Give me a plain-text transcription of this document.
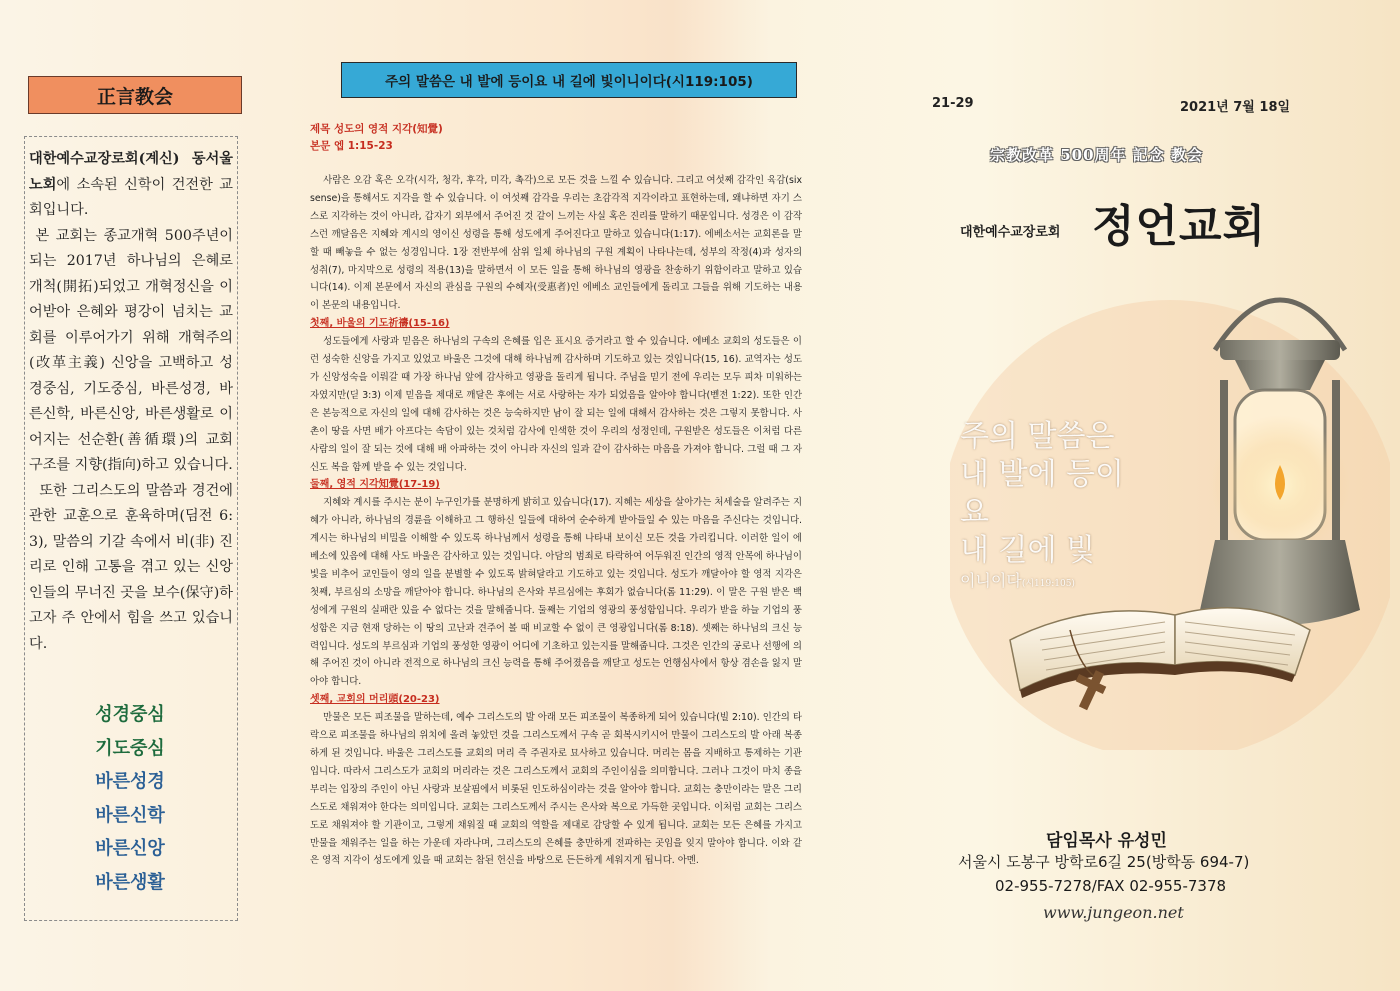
正言教会

대한예수교장로회(계신) 동서울 노회에 소속된 신학이 건전한 교회입니다.

본 교회는 종교개혁 500주년이 되는 2017년 하나님의 은혜로 개척(開拓)되었고 개혁정신을 이어받아 은혜와 평강이 넘치는 교회를 이루어가기 위해 개혁주의(改革主義) 신앙을 고백하고 성경중심, 기도중심, 바른성경, 바른신학, 바른신앙, 바른생활로 이어지는 선순환(善循環)의 교회 구조를 지향(指向)하고 있습니다.

또한 그리스도의 말씀과 경건에 관한 교훈으로 훈육하며(딤전 6:3), 말씀의 기갈 속에서 비(非) 진리로 인해 고통을 겪고 있는 신앙인들의 무너진 곳을 보수(保守)하고자 주 안에서 힘을 쓰고 있습니다.

성경중심
기도중심
바른성경
바른신학
바른신앙
바른생활
주의 말씀은 내 발에 등이요 내 길에 빛이니이다(시119:105)
제목 성도의 영적 지각(知覺)
본문 엡 1:15-23

사람은 오감 혹은 오각(시각, 청각, 후각, 미각, 촉각)으로 모든 것을 느낄 수 있습니다. 그리고 여섯째 감각인 육감(six sense)을 통해서도 지각을 할 수 있습니다. 이 여섯째 감각을 우리는 초감각적 지각이라고 표현하는데, 왜냐하면 자기 스스로 지각하는 것이 아니라, 갑자기 외부에서 주어진 것 같이 느끼는 사실 혹은 진리를 말하기 때문입니다. 성경은 이 감작스런 깨달음은 지혜와 계시의 영이신 성령을 통해 성도에게 주어진다고 말하고 있습니다(1:17). 에베소서는 교회론을 말할 때 빼놓을 수 없는 성경입니다. 1장 전반부에 삼위 일체 하나님의 구원 계획이 나타나는데, 성부의 작정(4)과 성자의 성취(7), 마지막으로 성령의 적용(13)을 말하면서 이 모든 일을 통해 하나님의 영광을 찬송하기 위함이라고 말하고 있습니다(14). 이제 본문에서 자신의 관심을 구원의 수혜자(受惠者)인 에베소 교인들에게 돌리고 그들을 위해 기도하는 내용이 본문의 내용입니다.

첫째, 바울의 기도祈禱(15-16)

성도들에게 사랑과 믿음은 하나님의 구속의 은혜를 입은 표시요 증거라고 할 수 있습니다. 에베소 교회의 성도들은 이런 성숙한 신앙을 가지고 있었고 바울은 그것에 대해 하나님께 감사하며 기도하고 있는 것입니다(15, 16). 교역자는 성도가 신앙성숙을 이뤄갈 때 가장 하나님 앞에 감사하고 영광을 돌리게 됩니다. 주님을 믿기 전에 우리는 모두 피차 미워하는 자였지만(딛 3:3) 이제 믿음을 제대로 깨달은 후에는 서로 사랑하는 자가 되었음을 알아야 합니다(벧전 1:22). 또한 인간은 본능적으로 자신의 일에 대해 감사하는 것은 능숙하지만 남이 잘 되는 일에 대해서 감사하는 것은 그렇지 못합니다. 사촌이 땅을 사면 배가 아프다는 속담이 있는 것처럼 감사에 인색한 것이 우리의 성정인데, 구원받은 성도들은 이처럼 다른 사람의 일이 잘 되는 것에 대해 배 아파하는 것이 아니라 자신의 일과 같이 감사하는 마음을 가져야 합니다. 그럴 때 그 자신도 복을 함께 받을 수 있는 것입니다.

둘째, 영적 지각知覺(17-19)

지혜와 계시를 주시는 분이 누구인가를 분명하게 밝히고 있습니다(17). 지혜는 세상을 살아가는 처세술을 알려주는 지혜가 아니라, 하나님의 경륜을 이해하고 그 행하신 일들에 대하여 순수하게 받아들일 수 있는 마음을 주신다는 것입니다. 계시는 하나님의 비밀을 이해할 수 있도록 하나님께서 성령을 통해 나타내 보이신 모든 것을 가리킵니다. 이러한 일이 에베소에 있음에 대해 사도 바울은 감사하고 있는 것입니다. 아담의 범죄로 타락하여 어두워진 인간의 영적 안목에 하나님이 빛을 비추어 교인들이 영의 일을 분별할 수 있도록 밝혀달라고 기도하고 있는 것입니다. 성도가 깨달아야 할 영적 지각은 첫째, 부르심의 소망을 깨닫아야 합니다. 하나님의 은사와 부르심에는 후회가 없습니다(롬 11:29). 이 말은 구원 받은 백성에게 구원의 실패란 있을 수 없다는 것을 말해줍니다. 둘째는 기업의 영광의 풍성함입니다. 우리가 받을 하늘 기업의 풍성함은 지금 현재 당하는 이 땅의 고난과 견주어 볼 때 비교할 수 없이 큰 영광입니다(롬 8:18). 셋째는 하나님의 크신 능력입니다. 성도의 부르심과 기업의 풍성한 영광이 어디에 기초하고 있는지를 말해줍니다. 그것은 인간의 공로나 선행에 의해 주어진 것이 아니라 전적으로 하나님의 크신 능력을 통해 주어졌음을 깨닫고 성도는 언행심사에서 항상 겸손을 잃지 말아야 합니다.

셋째, 교회의 머리頭(20-23)

만물은 모든 피조물을 말하는데, 예수 그리스도의 발 아래 모든 피조물이 복종하게 되어 있습니다(빌 2:10). 인간의 타락으로 피조물을 하나님의 위치에 올려 놓았던 것을 그리스도께서 구속 곧 회복시키시어 만물이 그리스도의 발 아래 복종하게 된 것입니다. 바울은 그리스도를 교회의 머리 즉 주권자로 묘사하고 있습니다. 머리는 몸을 지배하고 통제하는 기관입니다. 따라서 그리스도가 교회의 머리라는 것은 그리스도께서 교회의 주인이심을 의미합니다. 그러나 그것이 마치 종을 부리는 입장의 주인이 아닌 사랑과 보살핌에서 비롯된 인도하심이라는 것을 알아야 합니다. 교회는 충만이라는 말은 그리스도로 채워져야 한다는 의미입니다. 교회는 그리스도께서 주시는 은사와 복으로 가득한 곳입니다. 이처럼 교회는 그리스도로 채워져야 할 기관이고, 그렇게 채워질 때 교회의 역할을 제대로 감당할 수 있게 됩니다. 교회는 모든 은혜를 가지고 만물을 채워주는 일을 하는 가운데 자라나며, 그리스도의 은혜를 충만하게 전파하는 곳임을 잊지 말아야 합니다. 이와 같은 영적 지각이 성도에게 있을 때 교회는 참된 헌신을 바탕으로 든든하게 세워지게 됩니다. 아멘.

21-29	2021년 7월 18일
宗教改革 500周年 記念 教会
대한예수교장로회 정언교회
주의 말씀은
내 발에 등이요
내 길에 빛
이니이다(시119:105)
담임목사 유성민
서울시 도봉구 방학로6길 25(방학동 694-7)
02-955-7278/FAX 02-955-7378
www.jungeon.net
